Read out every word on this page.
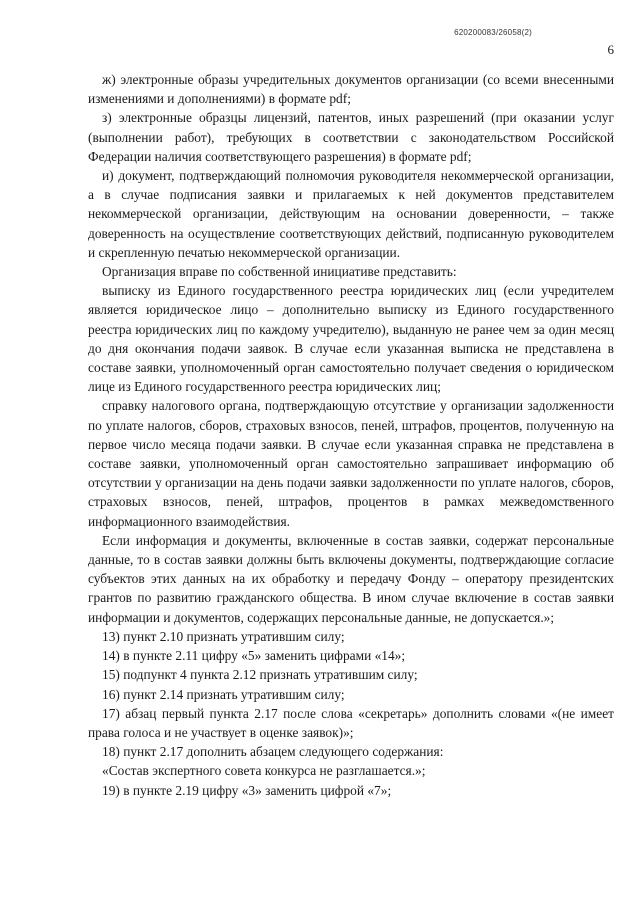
620200083/26058(2)
6

ж) электронные образы учредительных документов организации (со всеми внесенными изменениями и дополнениями) в формате pdf;

з) электронные образцы лицензий, патентов, иных разрешений (при оказании услуг (выполнении работ), требующих в соответствии с законодательством Российской Федерации наличия соответствующего разрешения) в формате pdf;

и) документ, подтверждающий полномочия руководителя некоммерческой организации, а в случае подписания заявки и прилагаемых к ней документов представителем некоммерческой организации, действующим на основании доверенности, – также доверенность на осуществление соответствующих действий, подписанную руководителем и скрепленную печатью некоммерческой организации.

Организация вправе по собственной инициативе представить:

выписку из Единого государственного реестра юридических лиц (если учредителем является юридическое лицо – дополнительно выписку из Единого государственного реестра юридических лиц по каждому учредителю), выданную не ранее чем за один месяц до дня окончания подачи заявок. В случае если указанная выписка не представлена в составе заявки, уполномоченный орган самостоятельно получает сведения о юридическом лице из Единого государственного реестра юридических лиц;

справку налогового органа, подтверждающую отсутствие у организации задолженности по уплате налогов, сборов, страховых взносов, пеней, штрафов, процентов, полученную на первое число месяца подачи заявки. В случае если указанная справка не представлена в составе заявки, уполномоченный орган самостоятельно запрашивает информацию об отсутствии у организации на день подачи заявки задолженности по уплате налогов, сборов, страховых взносов, пеней, штрафов, процентов в рамках межведомственного информационного взаимодействия.

Если информация и документы, включенные в состав заявки, содержат персональные данные, то в состав заявки должны быть включены документы, подтверждающие согласие субъектов этих данных на их обработку и передачу Фонду – оператору президентских грантов по развитию гражданского общества. В ином случае включение в состав заявки информации и документов, содержащих персональные данные, не допускается.»;

13) пункт 2.10 признать утратившим силу;

14) в пункте 2.11 цифру «5» заменить цифрами «14»;

15) подпункт 4 пункта 2.12 признать утратившим силу;

16) пункт 2.14 признать утратившим силу;

17) абзац первый пункта 2.17 после слова «секретарь» дополнить словами «(не имеет права голоса и не участвует в оценке заявок)»;

18) пункт 2.17 дополнить абзацем следующего содержания:

«Состав экспертного совета конкурса не разглашается.»;

19) в пункте 2.19 цифру «3» заменить цифрой «7»;
